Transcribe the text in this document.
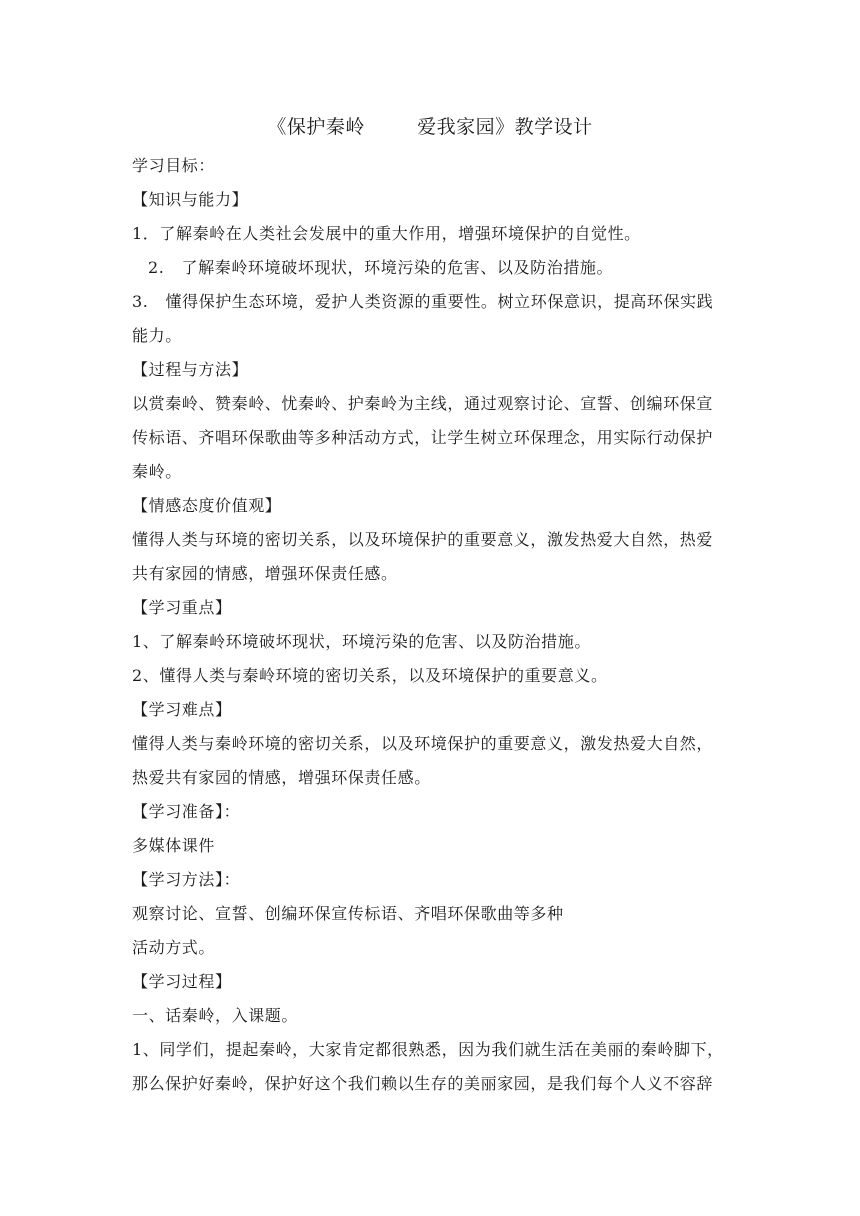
《保护秦岭        爱我家园》教学设计
学习目标：
【知识与能力】
1．了解秦岭在人类社会发展中的重大作用，增强环境保护的自觉性。
2.   了解秦岭环境破坏现状，环境污染的危害、以及防治措施。
3.   懂得保护生态环境，爱护人类资源的重要性。树立环保意识，提高环保实践
能力。
【过程与方法】
以赏秦岭、赞秦岭、忧秦岭、护秦岭为主线，通过观察讨论、宣誓、创编环保宣
传标语、齐唱环保歌曲等多种活动方式，让学生树立环保理念，用实际行动保护
秦岭。
【情感态度价值观】
懂得人类与环境的密切关系，以及环境保护的重要意义，激发热爱大自然，热爱
共有家园的情感，增强环保责任感。
【学习重点】
1、了解秦岭环境破坏现状，环境污染的危害、以及防治措施。
2、懂得人类与秦岭环境的密切关系，以及环境保护的重要意义。
【学习难点】
懂得人类与秦岭环境的密切关系，以及环境保护的重要意义，激发热爱大自然，
热爱共有家园的情感，增强环保责任感。
【学习准备】：
多媒体课件
【学习方法】：
观察讨论、宣誓、创编环保宣传标语、齐唱环保歌曲等多种
活动方式。
【学习过程】
一、话秦岭，入课题。
1、同学们，提起秦岭，大家肯定都很熟悉，因为我们就生活在美丽的秦岭脚下，
那么保护好秦岭，保护好这个我们赖以生存的美丽家园，是我们每个人义不容辞
